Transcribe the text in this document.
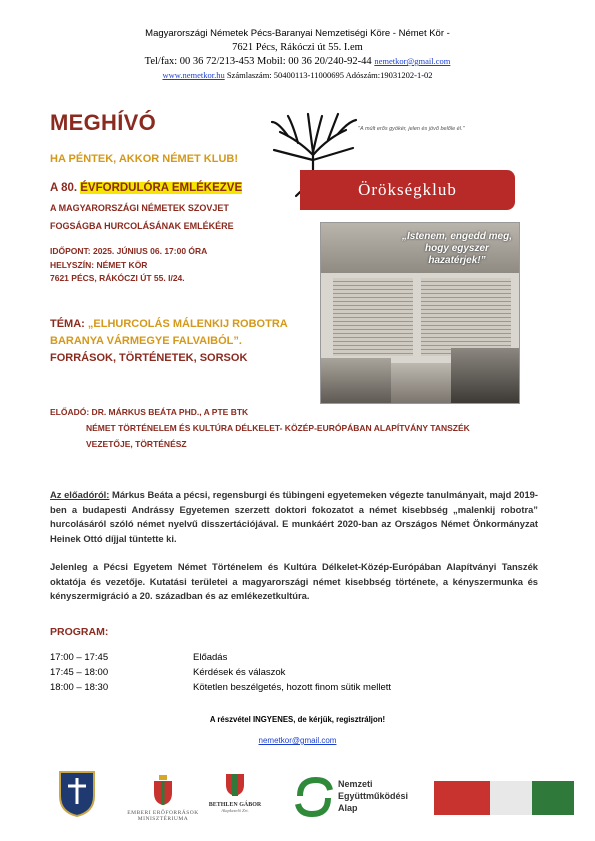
Magyarországi Németek Pécs-Baranyai Nemzetiségi Köre - Német Kör -
7621 Pécs, Rákóczi út 55. I.em
Tel/fax: 00 36 72/213-453 Mobil: 00 36 20/240-92-44 nemetkor@gmail.com
www.nemetkor.hu Számlaszám: 50400113-11000695 Adószám:19031202-1-02
MEGHÍVÓ
HA PÉNTEK, AKKOR NÉMET KLUB!
A 80. ÉVFORDULÓRA EMLÉKEZVE
A MAGYARORSZÁGI NÉMETEK SZOVJET
FOGSÁGBA HURCOLÁSÁNAK EMLÉKÉRE
IDŐPONT: 2025. JÚNIUS 06. 17:00 ÓRA
HELYSZÍN: NÉMET KÖR
7621 PÉCS, RÁKÓCZI ÚT 55. I/24.
TÉMA: „ELHURCOLÁS MÁLENKIJ ROBOTRA
BARANYA VÁRMEGYE FALVAIBÓL”.
FORRÁSOK, TÖRTÉNETEK, SORSOK
ELŐADÓ: DR. MÁRKUS BEÁTA PHD., A PTE BTK
NÉMET TÖRTÉNELEM ÉS KULTÚRA DÉLKELET- KÖZÉP-EURÓPÁBAN ALAPÍTVÁNY TANSZÉK
VEZETŐJE, TÖRTÉNÉSZ
Az előadóról: Márkus Beáta a pécsi, regensburgi és tübingeni egyetemeken végezte tanulmányait, majd 2019-ben a budapesti Andrássy Egyetemen szerzett doktori fokozatot a német kisebbség „malenkij robotra” hurcolásáról szóló német nyelvű disszertációjával. E munkáért 2020-ban az Országos Német Önkormányzat Heinek Ottó díjjal tüntette ki.
Jelenleg a Pécsi Egyetem Német Történelem és Kultúra Délkelet-Közép-Európában Alapítványi Tanszék oktatója és vezetője. Kutatási területei a magyarországi német kisebbség története, a kényszermunka és kényszermigráció a 20. században és az emlékezetkultúra.
PROGRAM:
17:00 – 17:45	Előadás
17:45 – 18:00	Kérdések és válaszok
18:00 – 18:30	Kötetlen beszélgetés, hozott finom sütik mellett
A részvétel INGYENES, de kérjük, regisztráljon!
nemetkor@gmail.com
"A múlt erős gyökér, jelen és jövő belőle él."
Örökségklub
„Istenem, engedd meg,
hogy egyszer hazatérjek!”
EMBERI ERŐFORRÁSOK
MINISZTÉRIUMA
BETHLEN GÁBOR
Alapkezelő Zrt.
Nemzeti
Együttműködési
Alap
